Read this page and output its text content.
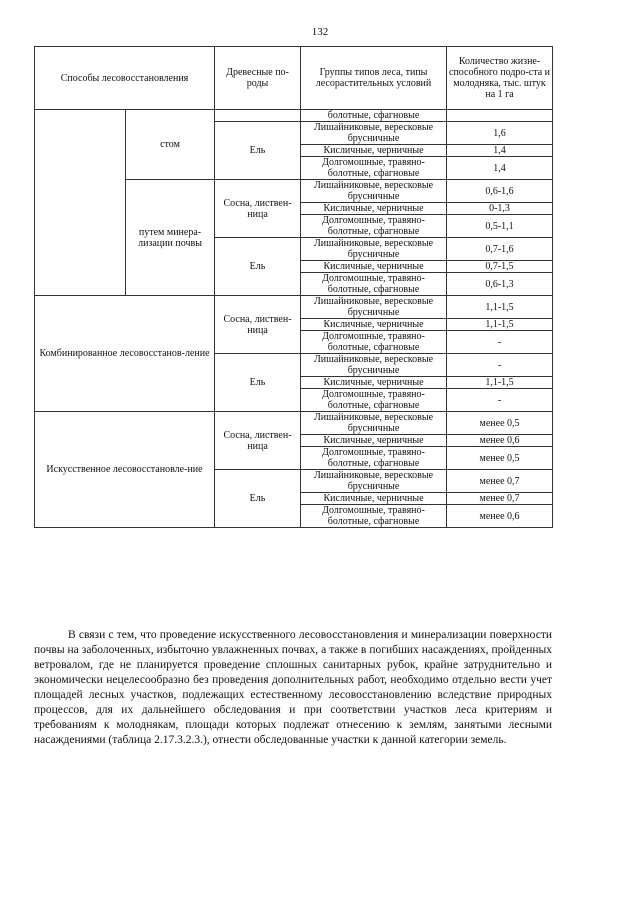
132
Способы лесовосстановления		Древесные по-роды	Группы типов леса, типы лесорастительных условий	Количество жизне-способного подро-ста и молодняка, тыс. штук на 1 га
	стом		болотные, сфагновые	
		Ель	Лишайниковые, вересковые брусничные	1,6
			Кисличные, черничные	1,4
			Долгомошные, травяно-болотные, сфагновые	1,4
	путем минера-лизации почвы	Сосна, листвен-ница	Лишайниковые, вересковые брусничные	0,6-1,6
			Кисличные, черничные	0-1,3
			Долгомошные, травяно-болотные, сфагновые	0,5-1,1
		Ель	Лишайниковые, вересковые брусничные	0,7-1,6
			Кисличные, черничные	0,7-1,5
			Долгомошные, травяно-болотные, сфагновые	0,6-1,3
Комбинированное лесовосстанов-ление		Сосна, листвен-ница	Лишайниковые, вересковые брусничные	1,1-1,5
			Кисличные, черничные	1,1-1,5
			Долгомошные, травяно-болотные, сфагновые	-
		Ель	Лишайниковые, вересковые брусничные	-
			Кисличные, черничные	1,1-1,5
			Долгомошные, травяно-болотные, сфагновые	-
Искусственное лесовосстановле-ние		Сосна, листвен-ница	Лишайниковые, вересковые брусничные	менее 0,5
			Кисличные, черничные	менее 0,6
			Долгомошные, травяно-болотные, сфагновые	менее 0,5
		Ель	Лишайниковые, вересковые брусничные	менее 0,7
			Кисличные, черничные	менее 0,7
			Долгомошные, травяно-болотные, сфагновые	менее 0,6

В связи с тем, что проведение искусственного лесовосстановления и минерализации поверхности почвы на заболоченных, избыточно увлажненных почвах, а также в погибших насаждениях, пройденных ветровалом, где не планируется проведение сплошных санитарных рубок, крайне затруднительно и экономически нецелесообразно без проведения дополнительных работ, необходимо отдельно вести учет площадей лесных участков, подлежащих естественному лесовосстановлению вследствие природных процессов, для их дальнейшего обследования и при соответствии участков леса критериям и требованиям к молоднякам, площади которых подлежат отнесению к землям, занятыми лесными насаждениями (таблица 2.17.3.2.3.), отнести обследованные участки к данной категории земель.
